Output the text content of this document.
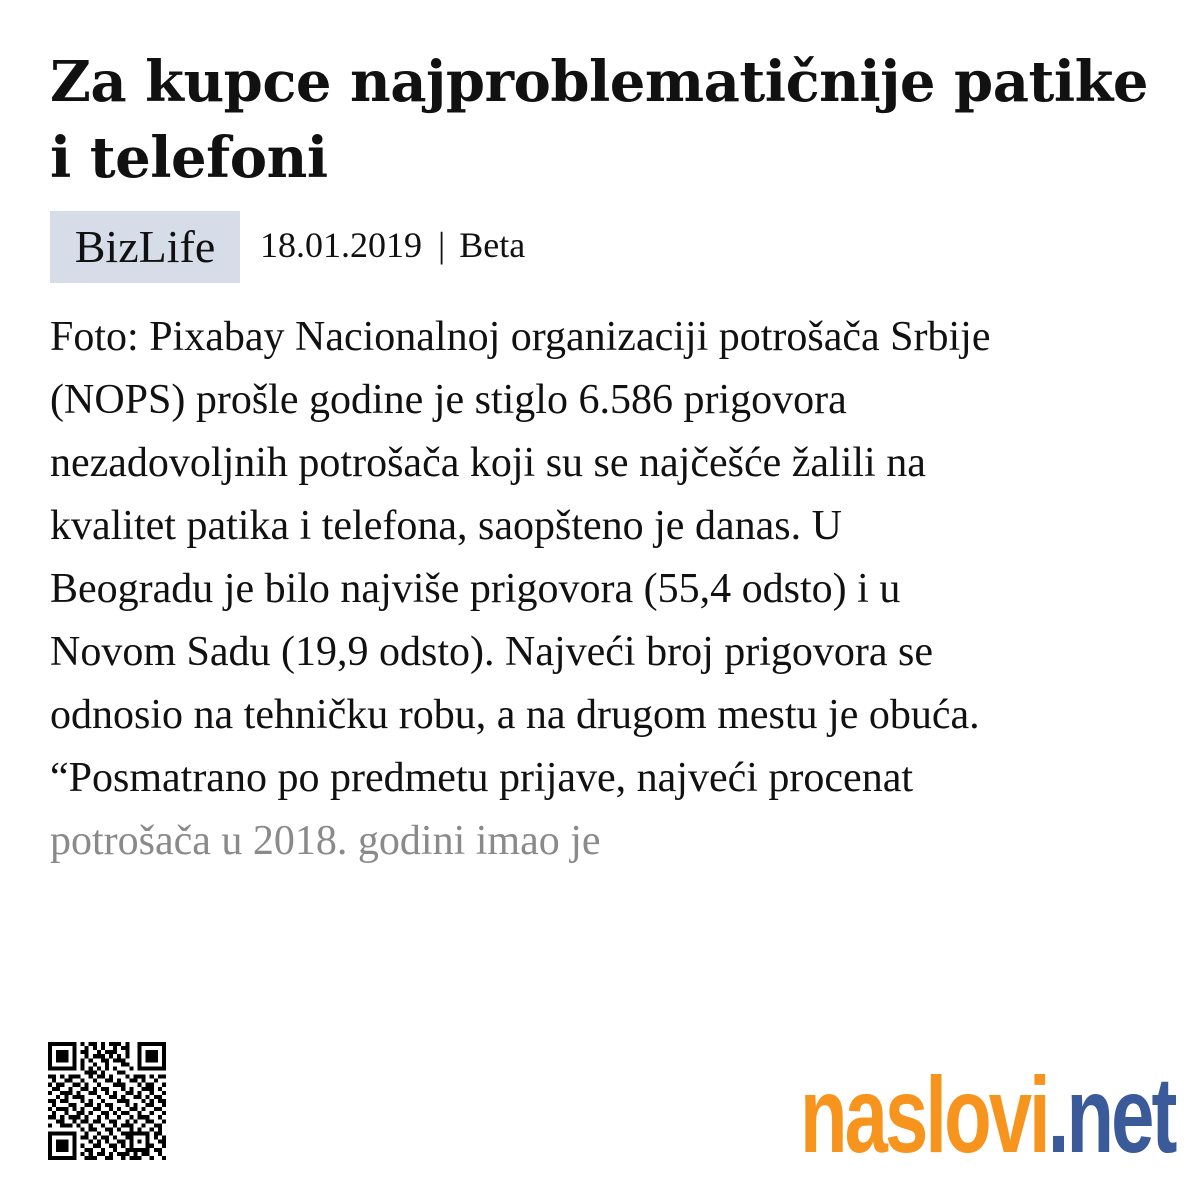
Za kupce najproblematičnije patike i telefoni
BizLife	18.01.2019 | Beta

Foto: Pixabay Nacionalnoj organizaciji potrošača Srbije
(NOPS) prošle godine je stiglo 6.586 prigovora
nezadovoljnih potrošača koji su se najčešće žalili na
kvalitet patika i telefona, saopšteno je danas. U
Beogradu je bilo najviše prigovora (55,4 odsto) i u
Novom Sadu (19,9 odsto). Najveći broj prigovora se
odnosio na tehničku robu, a na drugom mestu je obuća.
“Posmatrano po predmetu prijave, najveći procenat
potrošača u 2018. godini imao je

naslovi.net
